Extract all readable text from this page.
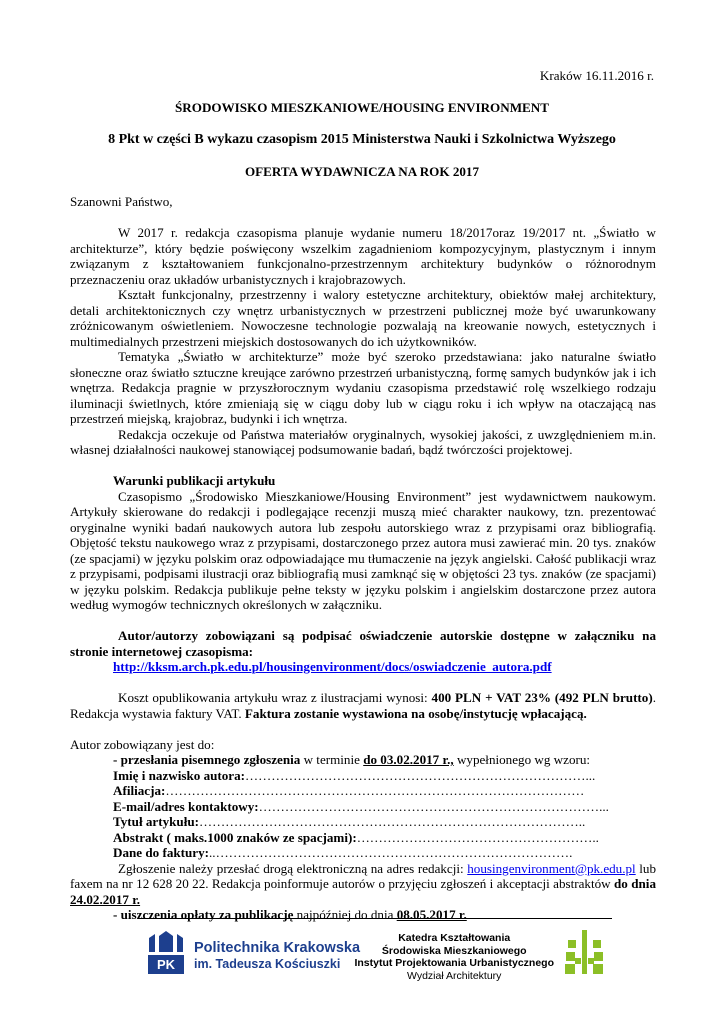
Kraków 16.11.2016 r.
ŚRODOWISKO MIESZKANIOWE/HOUSING ENVIRONMENT
8 Pkt w części B wykazu czasopism 2015 Ministerstwa Nauki i Szkolnictwa Wyższego
OFERTA WYDAWNICZA NA ROK 2017

Szanowni Państwo,

W 2017 r. redakcja czasopisma planuje wydanie numeru 18/2017oraz 19/2017 nt. „Światło w architekturze”, który będzie poświęcony wszelkim zagadnieniom kompozycyjnym, plastycznym i innym związanym z kształtowaniem funkcjonalno-przestrzennym architektury budynków o różnorodnym przeznaczeniu oraz układów urbanistycznych i krajobrazowych.

Kształt funkcjonalny, przestrzenny i walory estetyczne architektury, obiektów małej architektury, detali architektonicznych czy wnętrz urbanistycznych w przestrzeni publicznej może być uwarunkowany zróżnicowanym oświetleniem. Nowoczesne technologie pozwalają na kreowanie nowych, estetycznych i multimedialnych przestrzeni miejskich dostosowanych do ich użytkowników.

Tematyka „Światło w architekturze” może być szeroko przedstawiana: jako naturalne światło słoneczne oraz światło sztuczne kreujące zarówno przestrzeń urbanistyczną, formę samych budynków jak i ich wnętrza. Redakcja pragnie w przyszłorocznym wydaniu czasopisma przedstawić rolę wszelkiego rodzaju iluminacji świetlnych, które zmieniają się w ciągu doby lub w ciągu roku i ich wpływ na otaczającą nas przestrzeń miejską, krajobraz, budynki i ich wnętrza.

Redakcja oczekuje od Państwa materiałów oryginalnych, wysokiej jakości, z uwzględnieniem m.in. własnej działalności naukowej stanowiącej podsumowanie badań, bądź twórczości projektowej.

Warunki publikacji artykułu

Czasopismo „Środowisko Mieszkaniowe/Housing Environment” jest wydawnictwem naukowym. Artykuły skierowane do redakcji i podlegające recenzji muszą mieć charakter naukowy, tzn. prezentować oryginalne wyniki badań naukowych autora lub zespołu autorskiego wraz z przypisami oraz bibliografią. Objętość tekstu naukowego wraz z przypisami, dostarczonego przez autora musi zawierać min. 20 tys. znaków (ze spacjami) w języku polskim oraz odpowiadające mu tłumaczenie na język angielski. Całość publikacji wraz z przypisami, podpisami ilustracji oraz bibliografią musi zamknąć się w objętości 23 tys. znaków (ze spacjami) w języku polskim. Redakcja publikuje pełne teksty w języku polskim i angielskim dostarczone przez autora według wymogów technicznych określonych w załączniku.

Autor/autorzy zobowiązani są podpisać oświadczenie autorskie dostępne w załączniku na stronie internetowej czasopisma:

http://kksm.arch.pk.edu.pl/housingenvironment/docs/oswiadczenie_autora.pdf

Koszt opublikowania artykułu wraz z ilustracjami wynosi: 400 PLN + VAT 23% (492 PLN brutto). Redakcja wystawia faktury VAT. Faktura zostanie wystawiona na osobę/instytucję wpłacającą.

Autor zobowiązany jest do:

- przesłania pisemnego zgłoszenia w terminie do 03.02.2017 r., wypełnionego wg wzoru:

Imię i nazwisko autora:……………………………………………………………………...

Afiliacja:……………………………………………………………………………………

E-mail/adres kontaktowy:……………………………………………………………………...

Tytuł artykułu:……………………………………………………………………………..

Abstrakt ( maks.1000 znaków ze spacjami):………………………………………………..

Dane do faktury:..……………………………………………………………………….

Zgłoszenie należy przesłać drogą elektroniczną na adres redakcji: housingenvironment@pk.edu.pl lub faxem na nr 12 628 20 22. Redakcja poinformuje autorów o przyjęciu zgłoszeń i akceptacji abstraktów do dnia 24.02.2017 r.

- uiszczenia opłaty za publikację najpóźniej do dnia 08.05.2017 r.

PK
Politechnika Krakowska
im. Tadeusza Kościuszki
Katedra Kształtowania
Środowiska Mieszkaniowego
Instytut Projektowania Urbanistycznego
Wydział Architektury
